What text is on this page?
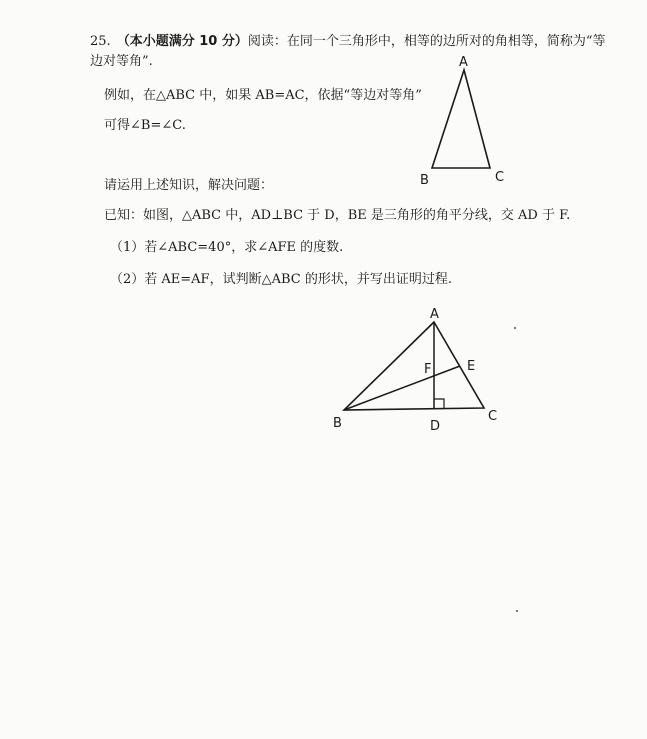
25. （本小题满分 10 分）阅读：在同一个三角形中，相等的边所对的角相等，简称为“等
边对等角”.
例如，在△ABC 中，如果 AB=AC，依据“等边对等角”
可得∠B=∠C.
请运用上述知识，解决问题：
已知：如图，△ABC 中，AD⊥BC 于 D，BE 是三角形的角平分线，交 AD 于 F.
（1）若∠ABC=40°，求∠AFE 的度数.
（2）若 AE=AF，试判断△ABC 的形状，并写出证明过程.
A
B	C
A
B	C
D
E
F
